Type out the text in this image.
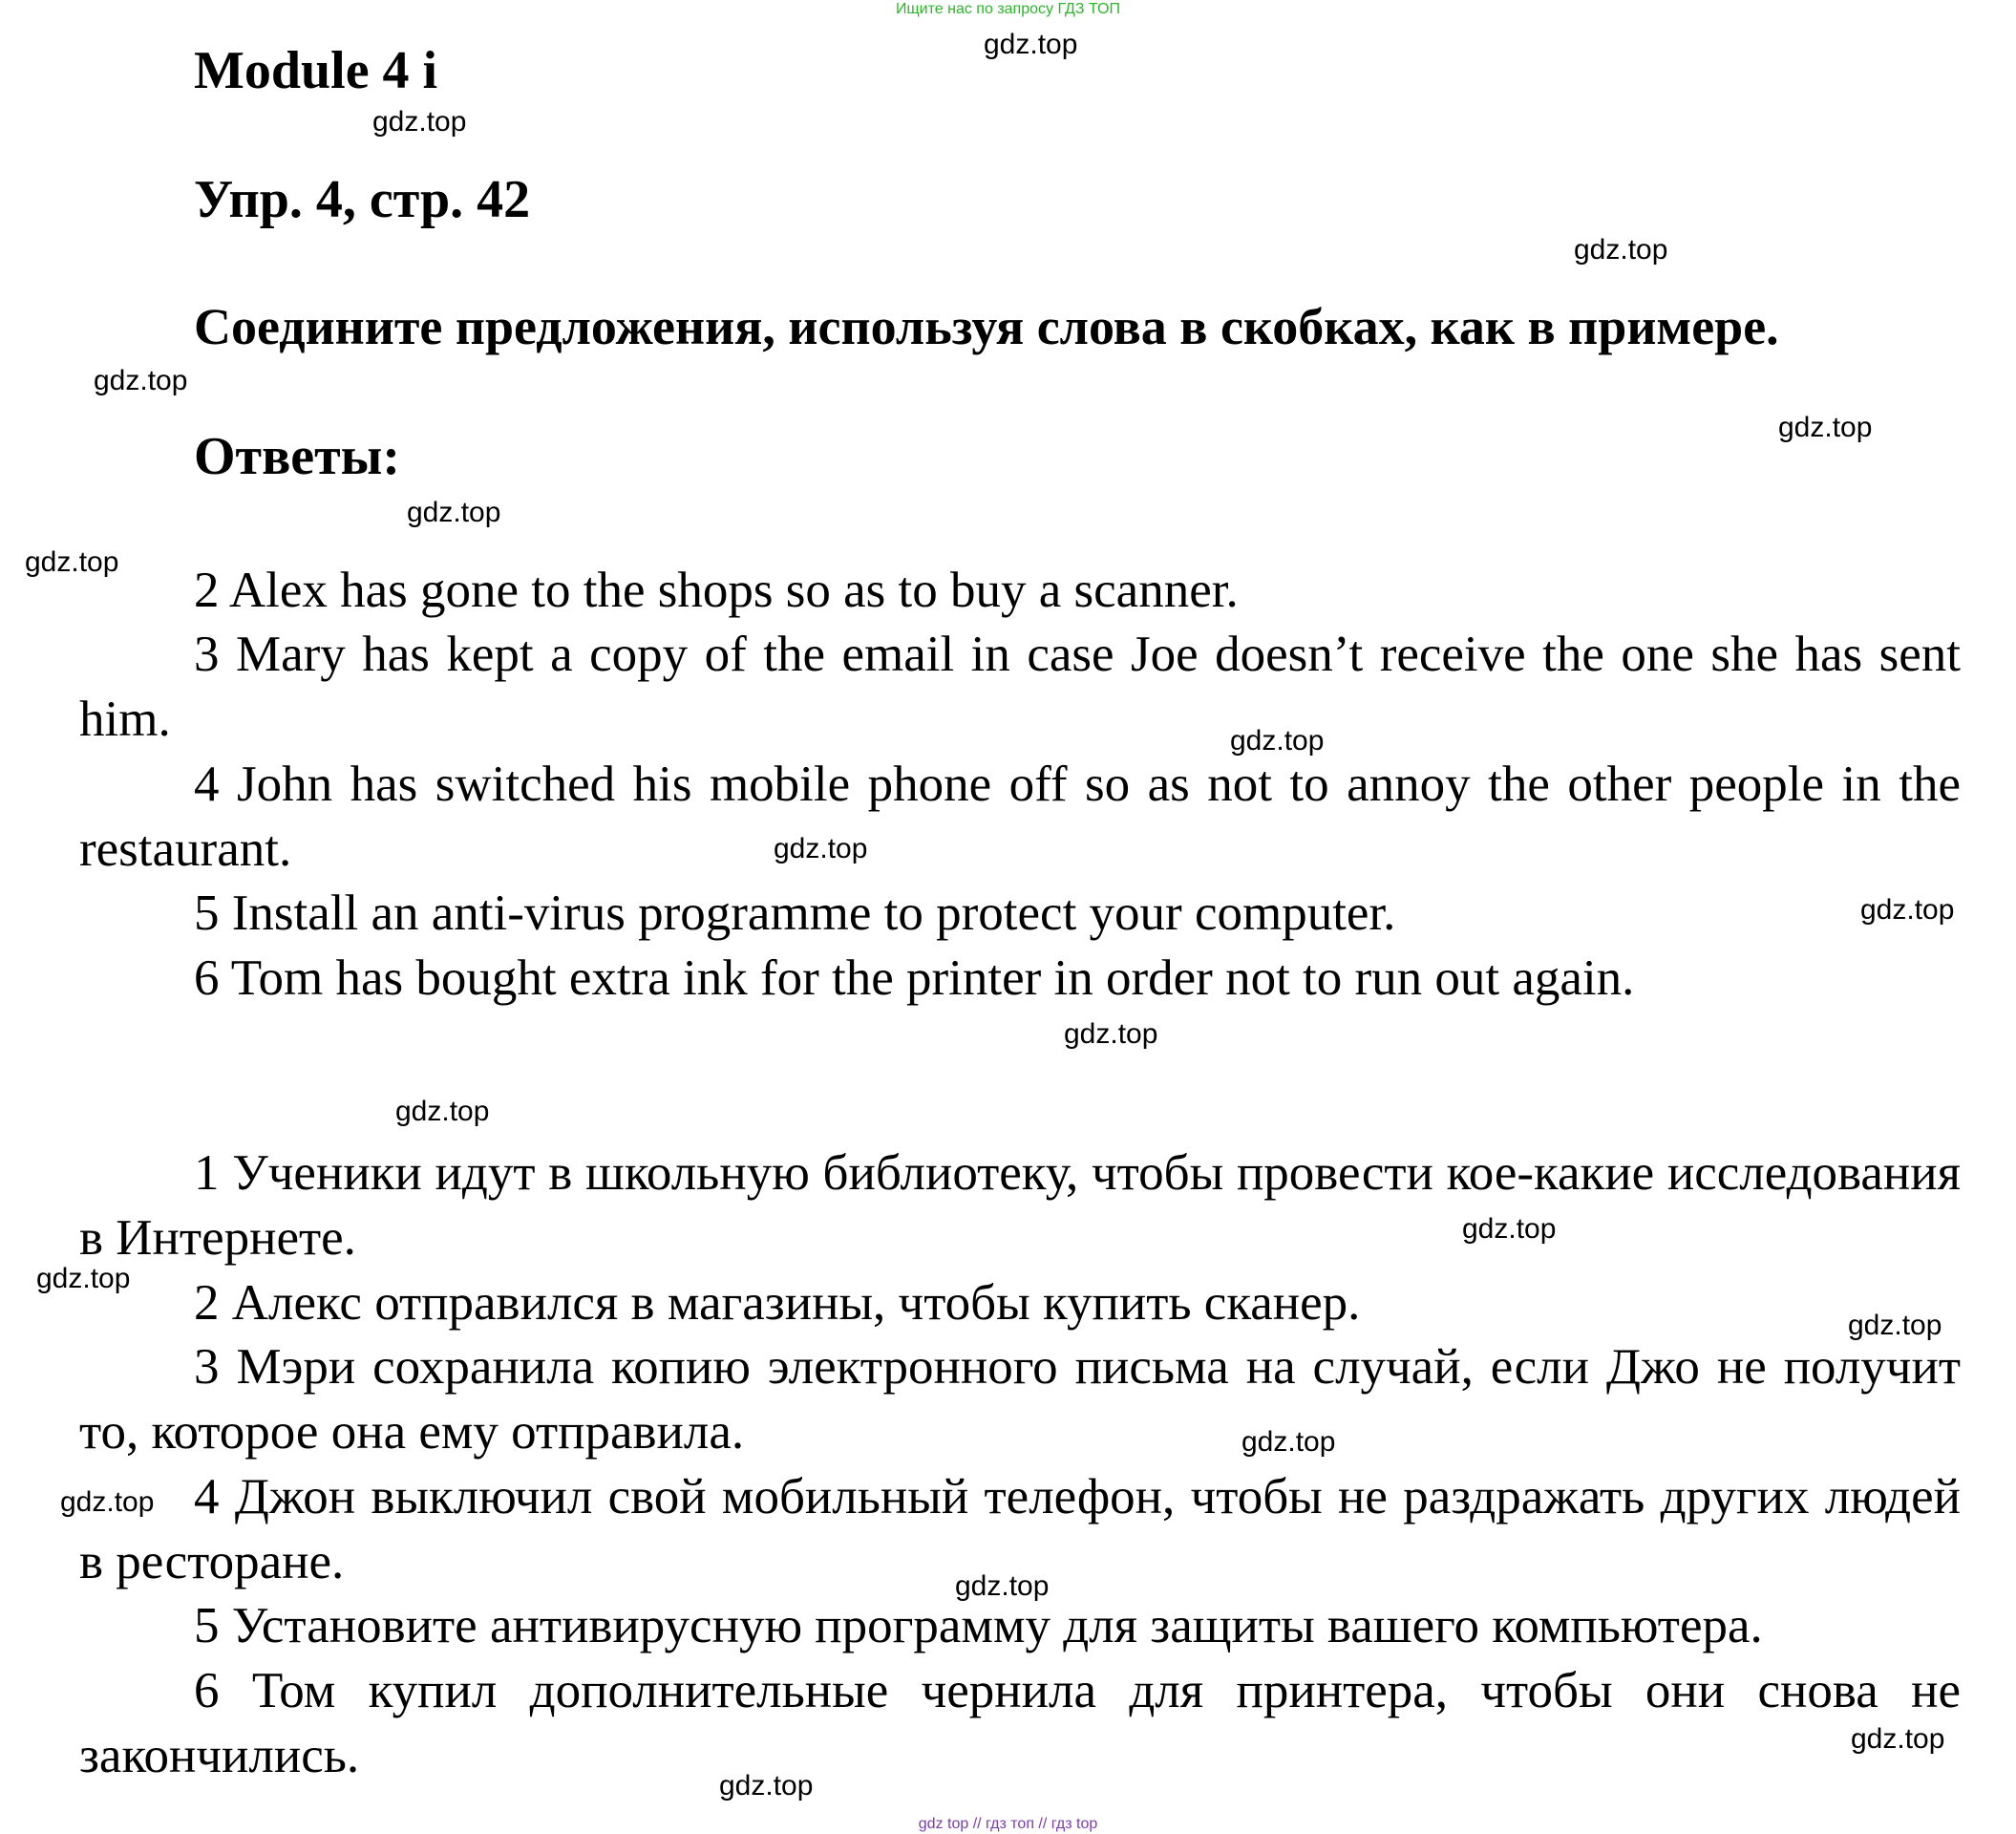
Ищите нас по запросу ГДЗ ТОП
gdz top // гдз топ // гдз top
Module 4 i
Упр. 4, стр. 42
Соедините предложения, используя слова в скобках, как в примере.
Ответы:

2 Alex has gone to the shops so as to buy a scanner.

3 Mary has kept a copy of the email in case Joe doesn’t receive the one she has sent him.

4 John has switched his mobile phone off so as not to annoy the other people in the restaurant.

5 Install an anti-virus programme to protect your computer.

6 Tom has bought extra ink for the printer in order not to run out again.

1 Ученики идут в школьную библиотеку, чтобы провести кое-какие исследования в Интернете.

2 Алекс отправился в магазины, чтобы купить сканер.

3 Мэри сохранила копию электронного письма на случай, если Джо не получит то, которое она ему отправила.

4 Джон выключил свой мобильный телефон, чтобы не раздражать других людей в ресторане.

5 Установите антивирусную программу для защиты вашего компьютера.

6 Том купил дополнительные чернила для принтера, чтобы они снова не закончились.

gdz.top
gdz.top
gdz.top
gdz.top
gdz.top
gdz.top
gdz.top
gdz.top
gdz.top
gdz.top
gdz.top
gdz.top
gdz.top
gdz.top
gdz.top
gdz.top
gdz.top
gdz.top
gdz.top
gdz.top
